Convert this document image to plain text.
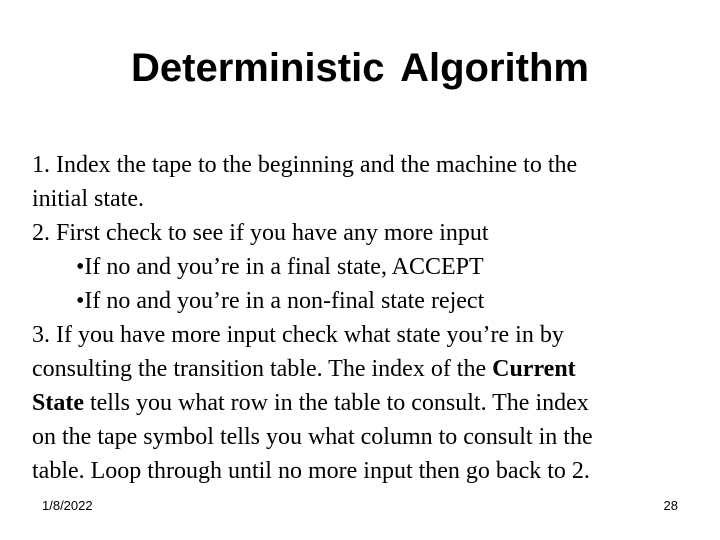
Deterministic Algorithm
1. Index the tape to the beginning and the machine to the
initial state.
2. First check to see if you have any more input
•If no and you’re in a final state, ACCEPT
•If no and you’re in a non-final state reject
3. If you have more input check what state you’re in by
consulting the transition table. The index of the Current
State tells you what row in the table to consult. The index
on the tape symbol tells you what column to consult in the
table. Loop through until no more input then go back to 2.
1/8/2022	28
